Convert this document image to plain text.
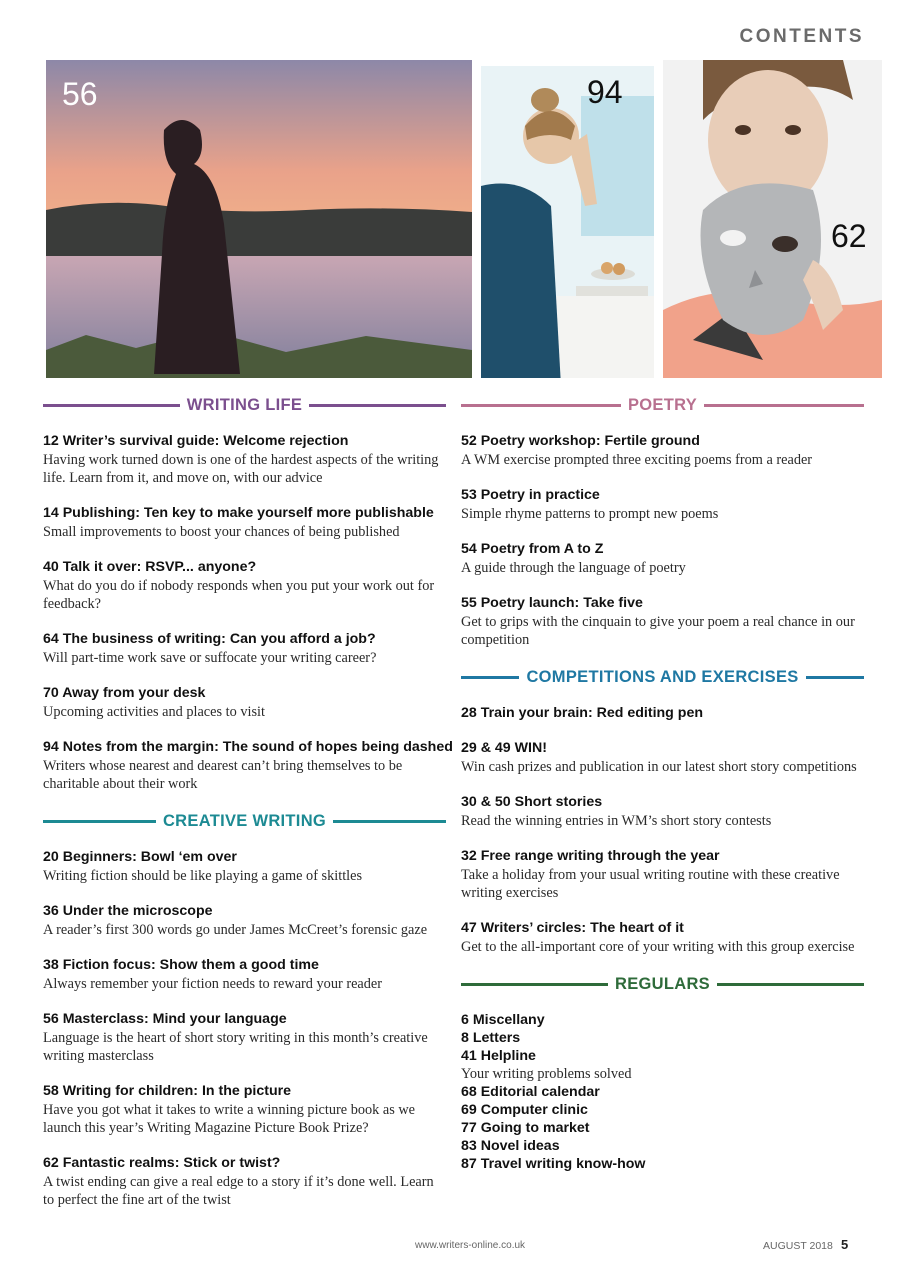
CONTENTS
56	94
62
WRITING LIFE
12 Writer’s survival guide: Welcome rejection
Having work turned down is one of the hardest aspects of the writing life. Learn from it, and move on, with our advice
14 Publishing: Ten key to make yourself more publishable
Small improvements to boost your chances of being published
40 Talk it over: RSVP... anyone?
What do you do if nobody responds when you put your work out for feedback?
64 The business of writing: Can you afford a job?
Will part-time work save or suffocate your writing career?
70 Away from your desk
Upcoming activities and places to visit
94 Notes from the margin: The sound of hopes being dashed
Writers whose nearest and dearest can’t bring themselves to be charitable about their work
CREATIVE WRITING
20 Beginners: Bowl ‘em over
Writing fiction should be like playing a game of skittles
36 Under the microscope
A reader’s first 300 words go under James McCreet’s forensic gaze
38 Fiction focus: Show them a good time
Always remember your fiction needs to reward your reader
56 Masterclass: Mind your language
Language is the heart of short story writing in this month’s creative writing masterclass
58 Writing for children: In the picture
Have you got what it takes to write a winning picture book as we launch this year’s Writing Magazine Picture Book Prize?
62 Fantastic realms: Stick or twist?
A twist ending can give a real edge to a story if it’s done well. Learn to perfect the fine art of the twist
POETRY
52 Poetry workshop: Fertile ground
A WM exercise prompted three exciting poems from a reader
53 Poetry in practice
Simple rhyme patterns to prompt new poems
54 Poetry from A to Z
A guide through the language of poetry
55 Poetry launch: Take five
Get to grips with the cinquain to give your poem a real chance in our competition
COMPETITIONS AND EXERCISES
28 Train your brain: Red editing pen
29 & 49 WIN!
Win cash prizes and publication in our latest short story competitions
30 & 50 Short stories
Read the winning entries in WM’s short story contests
32 Free range writing through the year
Take a holiday from your usual writing routine with these creative writing exercises
47 Writers’ circles: The heart of it
Get to the all-important core of your writing with this group exercise
REGULARS
6 Miscellany
8 Letters
41 Helpline
Your writing problems solved
68 Editorial calendar
69 Computer clinic
77 Going to market
83 Novel ideas
87 Travel writing know-how
www.writers-online.co.uk	AUGUST 2018 5
